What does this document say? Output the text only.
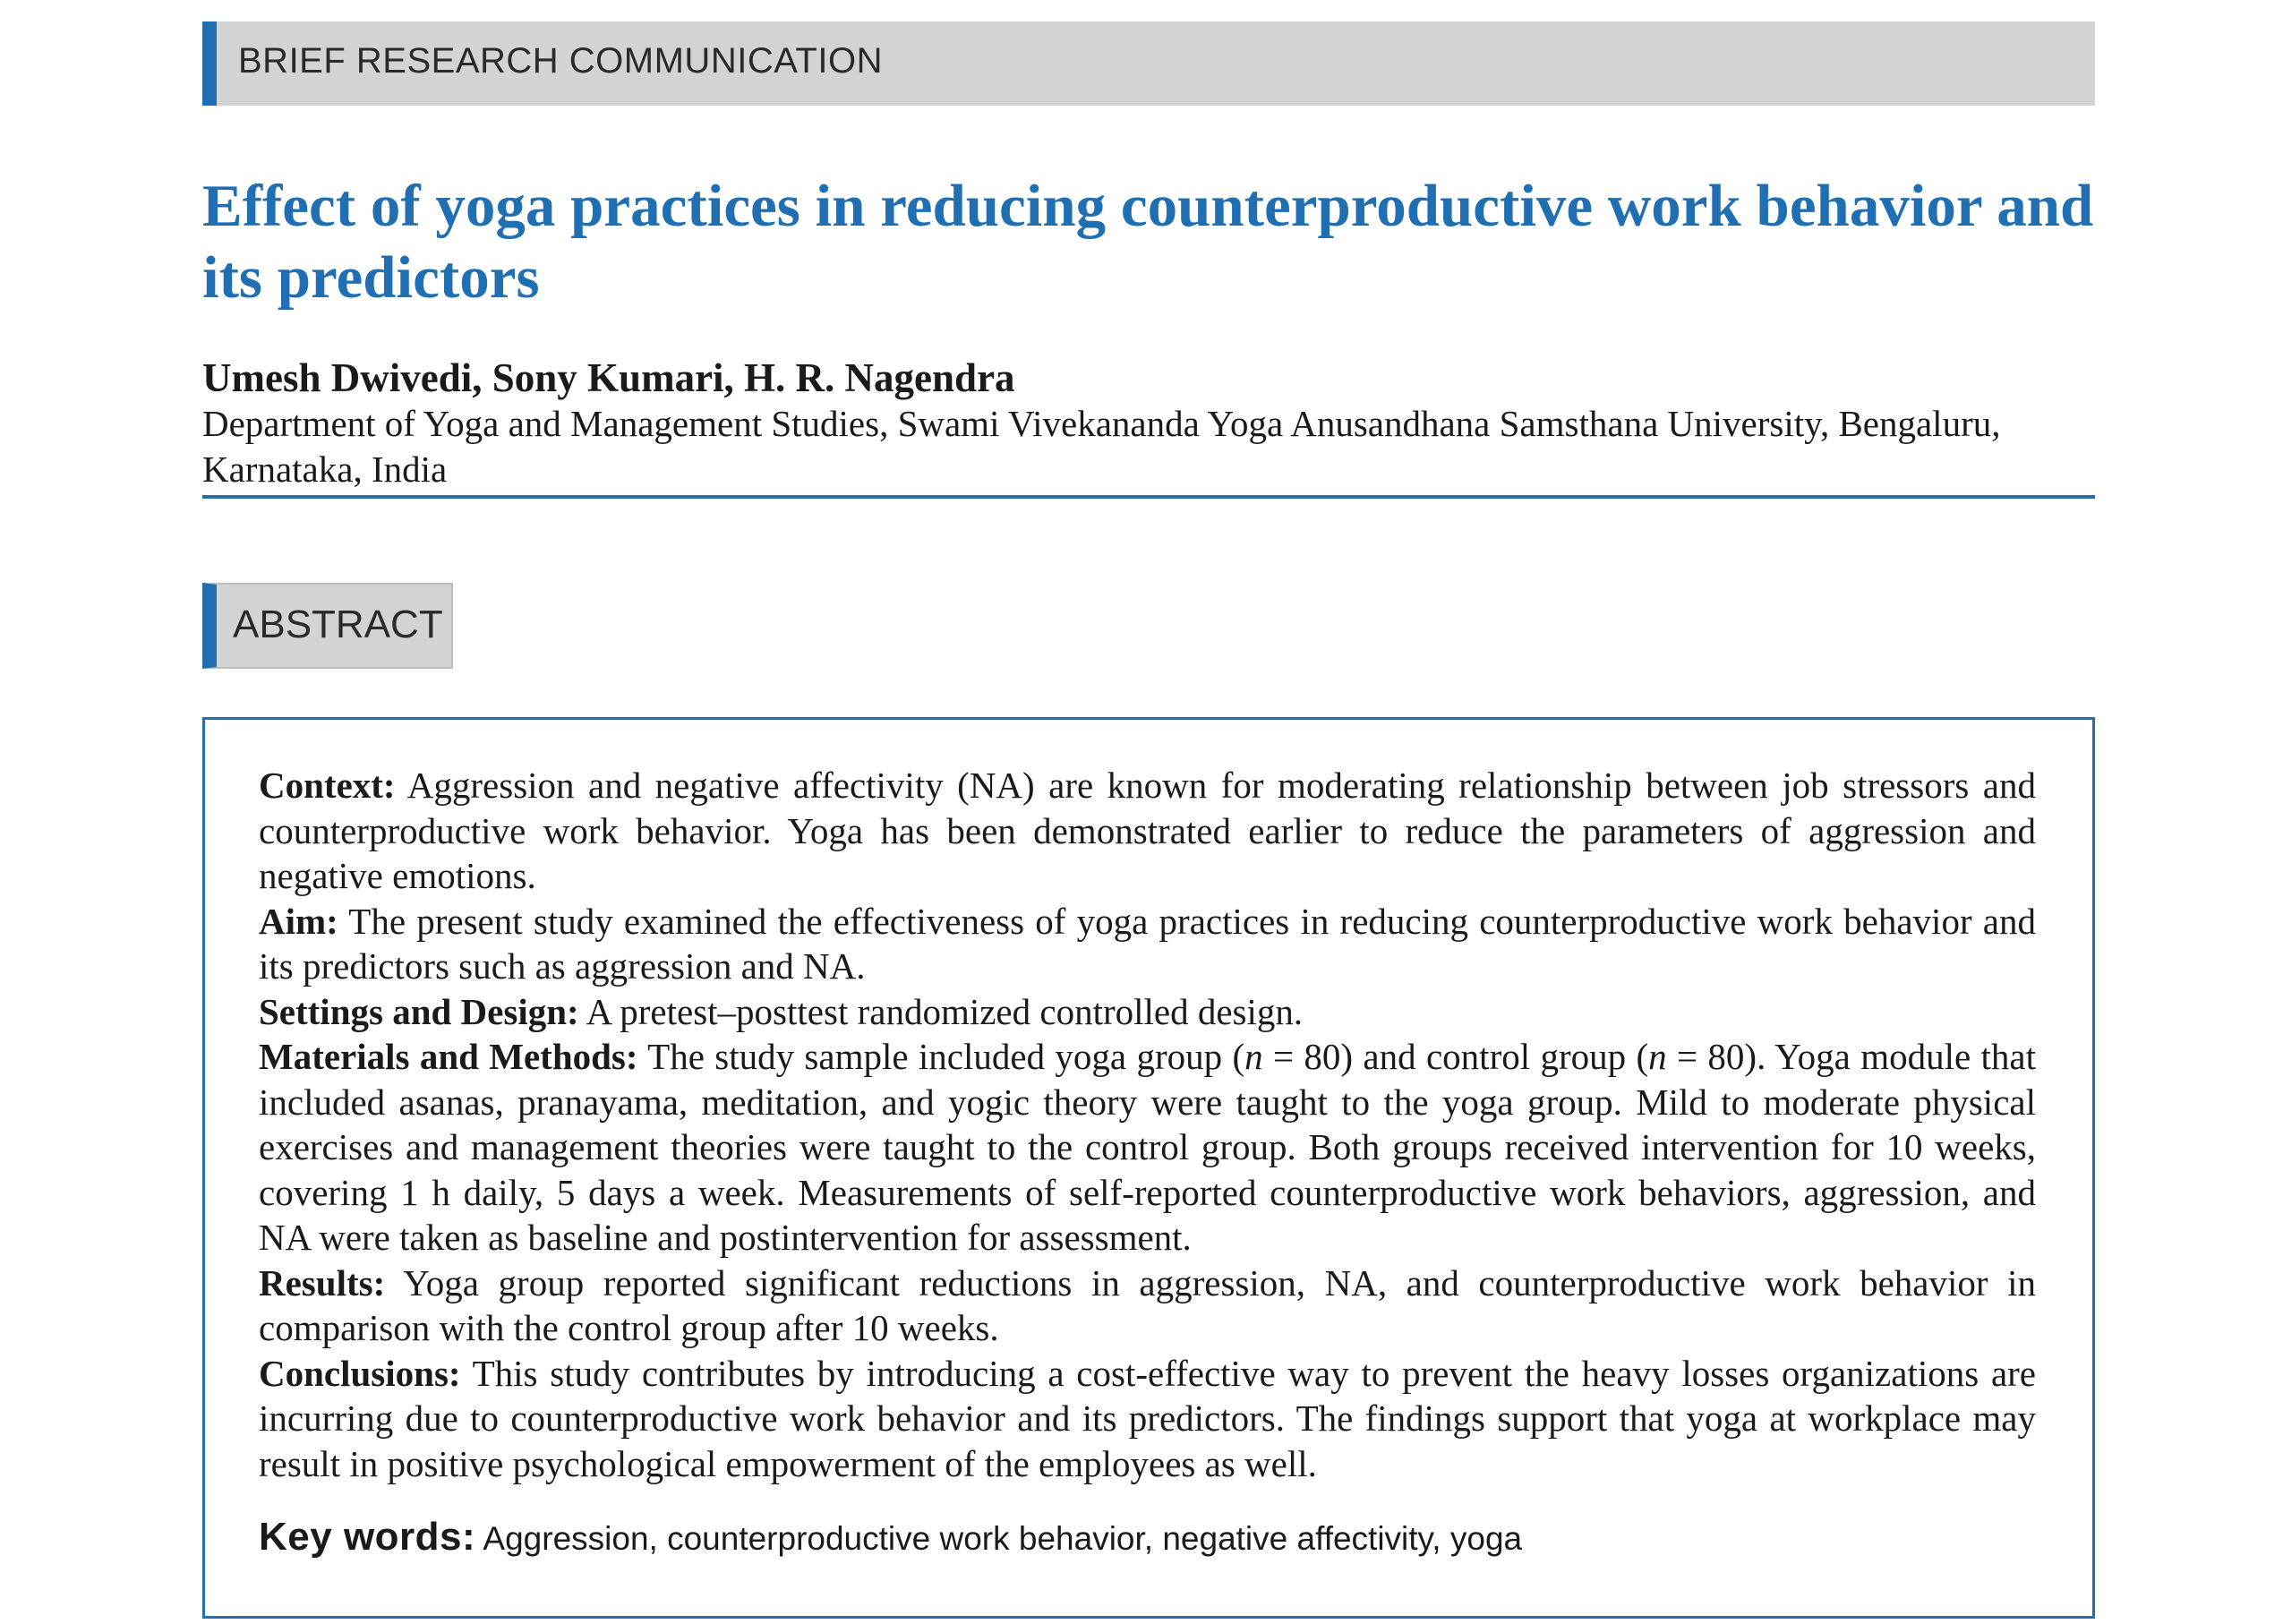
BRIEF RESEARCH COMMUNICATION
Effect of yoga practices in reducing counterproductive work behavior and its predictors
Umesh Dwivedi, Sony Kumari, H. R. Nagendra
Department of Yoga and Management Studies, Swami Vivekananda Yoga Anusandhana Samsthana University, Bengaluru, Karnataka, India
ABSTRACT

Context: Aggression and negative affectivity (NA) are known for moderating relationship between job stressors and counterproductive work behavior. Yoga has been demonstrated earlier to reduce the parameters of aggression and negative emotions.

Aim: The present study examined the effectiveness of yoga practices in reducing counterproductive work behavior and its predictors such as aggression and NA.

Settings and Design: A pretest–posttest randomized controlled design.

Materials and Methods: The study sample included yoga group (n = 80) and control group (n = 80). Yoga module that included asanas, pranayama, meditation, and yogic theory were taught to the yoga group. Mild to moderate physical exercises and management theories were taught to the control group. Both groups received intervention for 10 weeks, covering 1 h daily, 5 days a week. Measurements of self-reported counterproductive work behaviors, aggression, and NA were taken as baseline and postintervention for assessment.

Results: Yoga group reported significant reductions in aggression, NA, and counterproductive work behavior in comparison with the control group after 10 weeks.

Conclusions: This study contributes by introducing a cost-effective way to prevent the heavy losses organizations are incurring due to counterproductive work behavior and its predictors. The findings support that yoga at workplace may result in positive psychological empowerment of the employees as well.

Key words: Aggression, counterproductive work behavior, negative affectivity, yoga
